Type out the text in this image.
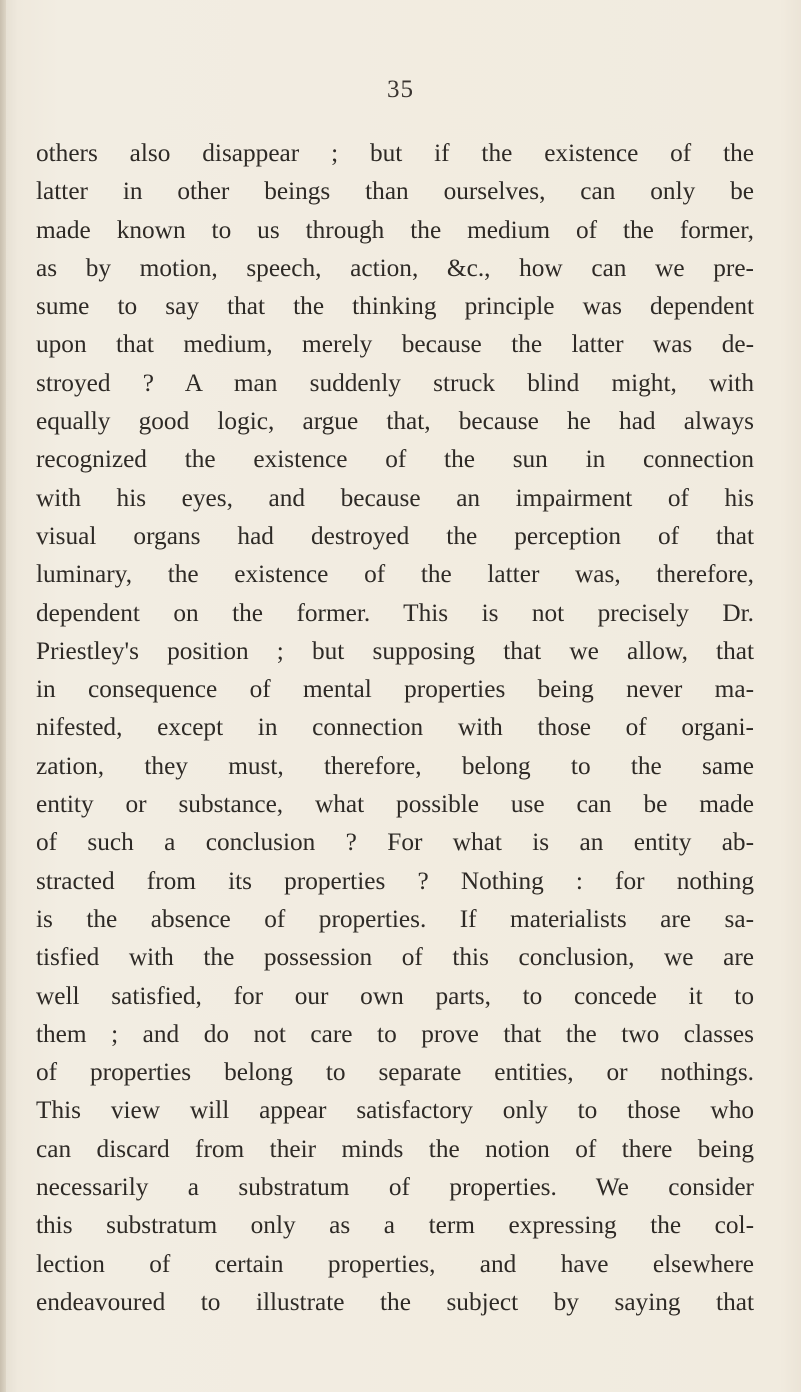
35
others also disappear ; but if the existence of the
latter in other beings than ourselves, can only be
made known to us through the medium of the former,
as by motion, speech, action, &c., how can we pre-
sume to say that the thinking principle was dependent
upon that medium, merely because the latter was de-
stroyed ? A man suddenly struck blind might, with
equally good logic, argue that, because he had always
recognized the existence of the sun in connection
with his eyes, and because an impairment of his
visual organs had destroyed the perception of that
luminary, the existence of the latter was, therefore,
dependent on the former. This is not precisely Dr.
Priestley's position ; but supposing that we allow, that
in consequence of mental properties being never ma-
nifested, except in connection with those of organi-
zation, they must, therefore, belong to the same
entity or substance, what possible use can be made
of such a conclusion ? For what is an entity ab-
stracted from its properties ? Nothing : for nothing
is the absence of properties. If materialists are sa-
tisfied with the possession of this conclusion, we are
well satisfied, for our own parts, to concede it to
them ; and do not care to prove that the two classes
of properties belong to separate entities, or nothings.
This view will appear satisfactory only to those who
can discard from their minds the notion of there being
necessarily a substratum of properties. We consider
this substratum only as a term expressing the col-
lection of certain properties, and have elsewhere
endeavoured to illustrate the subject by saying that
